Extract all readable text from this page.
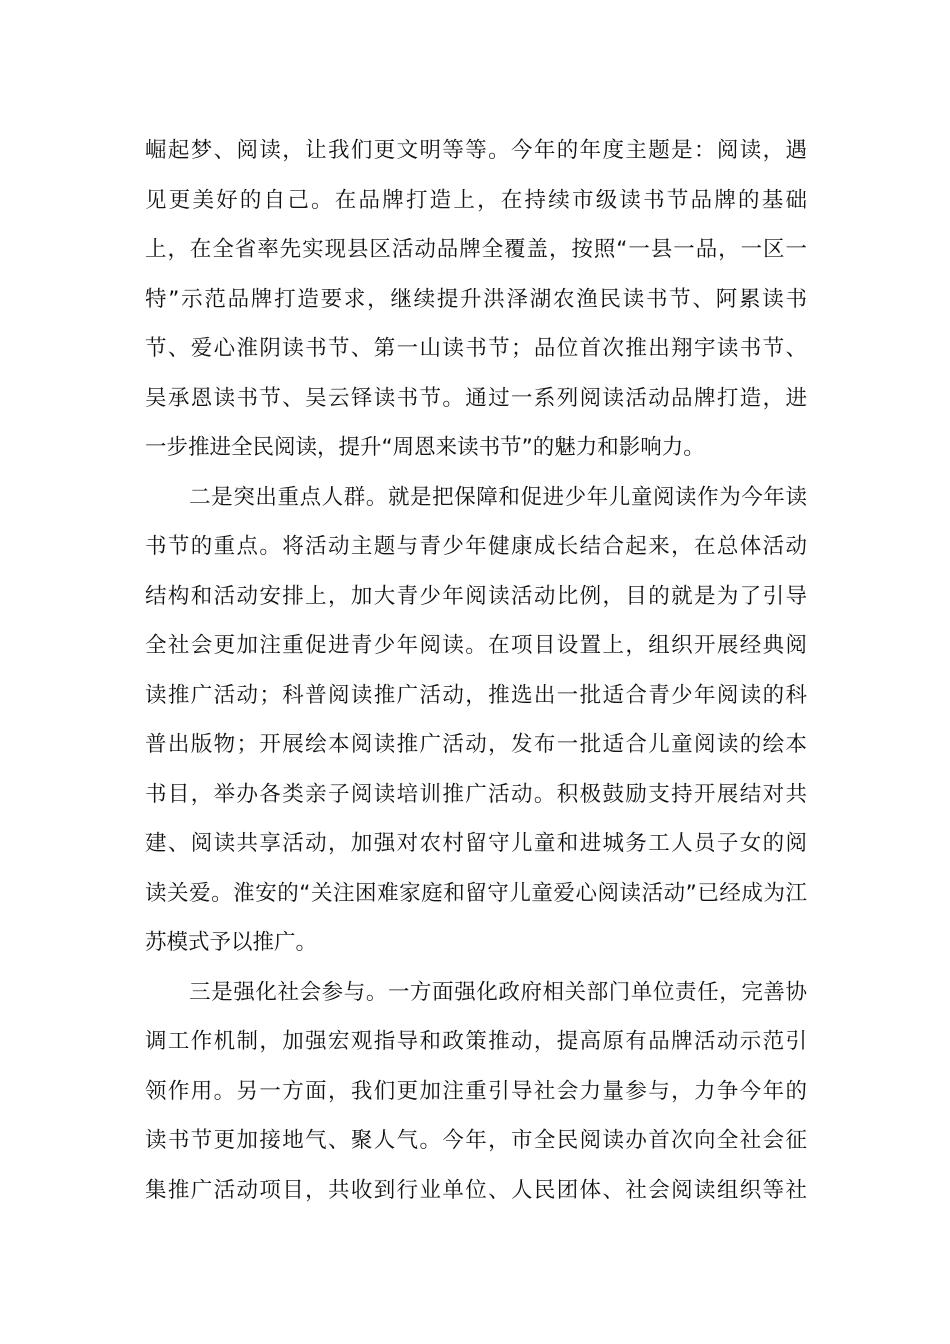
崛起梦、阅读，让我们更文明等等。今年的年度主题是：阅读，遇
见更美好的自己。在品牌打造上，在持续市级读书节品牌的基础
上，在全省率先实现县区活动品牌全覆盖，按照“一县一品，一区一
特”示范品牌打造要求，继续提升洪泽湖农渔民读书节、阿累读书
节、爱心淮阴读书节、第一山读书节；品位首次推出翔宇读书节、
吴承恩读书节、吴云铎读书节。通过一系列阅读活动品牌打造，进
一步推进全民阅读，提升“周恩来读书节”的魅力和影响力。
　　二是突出重点人群。就是把保障和促进少年儿童阅读作为今年读
书节的重点。将活动主题与青少年健康成长结合起来，在总体活动
结构和活动安排上，加大青少年阅读活动比例，目的就是为了引导
全社会更加注重促进青少年阅读。在项目设置上，组织开展经典阅
读推广活动；科普阅读推广活动，推选出一批适合青少年阅读的科
普出版物；开展绘本阅读推广活动，发布一批适合儿童阅读的绘本
书目，举办各类亲子阅读培训推广活动。积极鼓励支持开展结对共
建、阅读共享活动，加强对农村留守儿童和进城务工人员子女的阅
读关爱。淮安的“关注困难家庭和留守儿童爱心阅读活动”已经成为江
苏模式予以推广。
　　三是强化社会参与。一方面强化政府相关部门单位责任，完善协
调工作机制，加强宏观指导和政策推动，提高原有品牌活动示范引
领作用。另一方面，我们更加注重引导社会力量参与，力争今年的
读书节更加接地气、聚人气。今年，市全民阅读办首次向全社会征
集推广活动项目，共收到行业单位、人民团体、社会阅读组织等社
